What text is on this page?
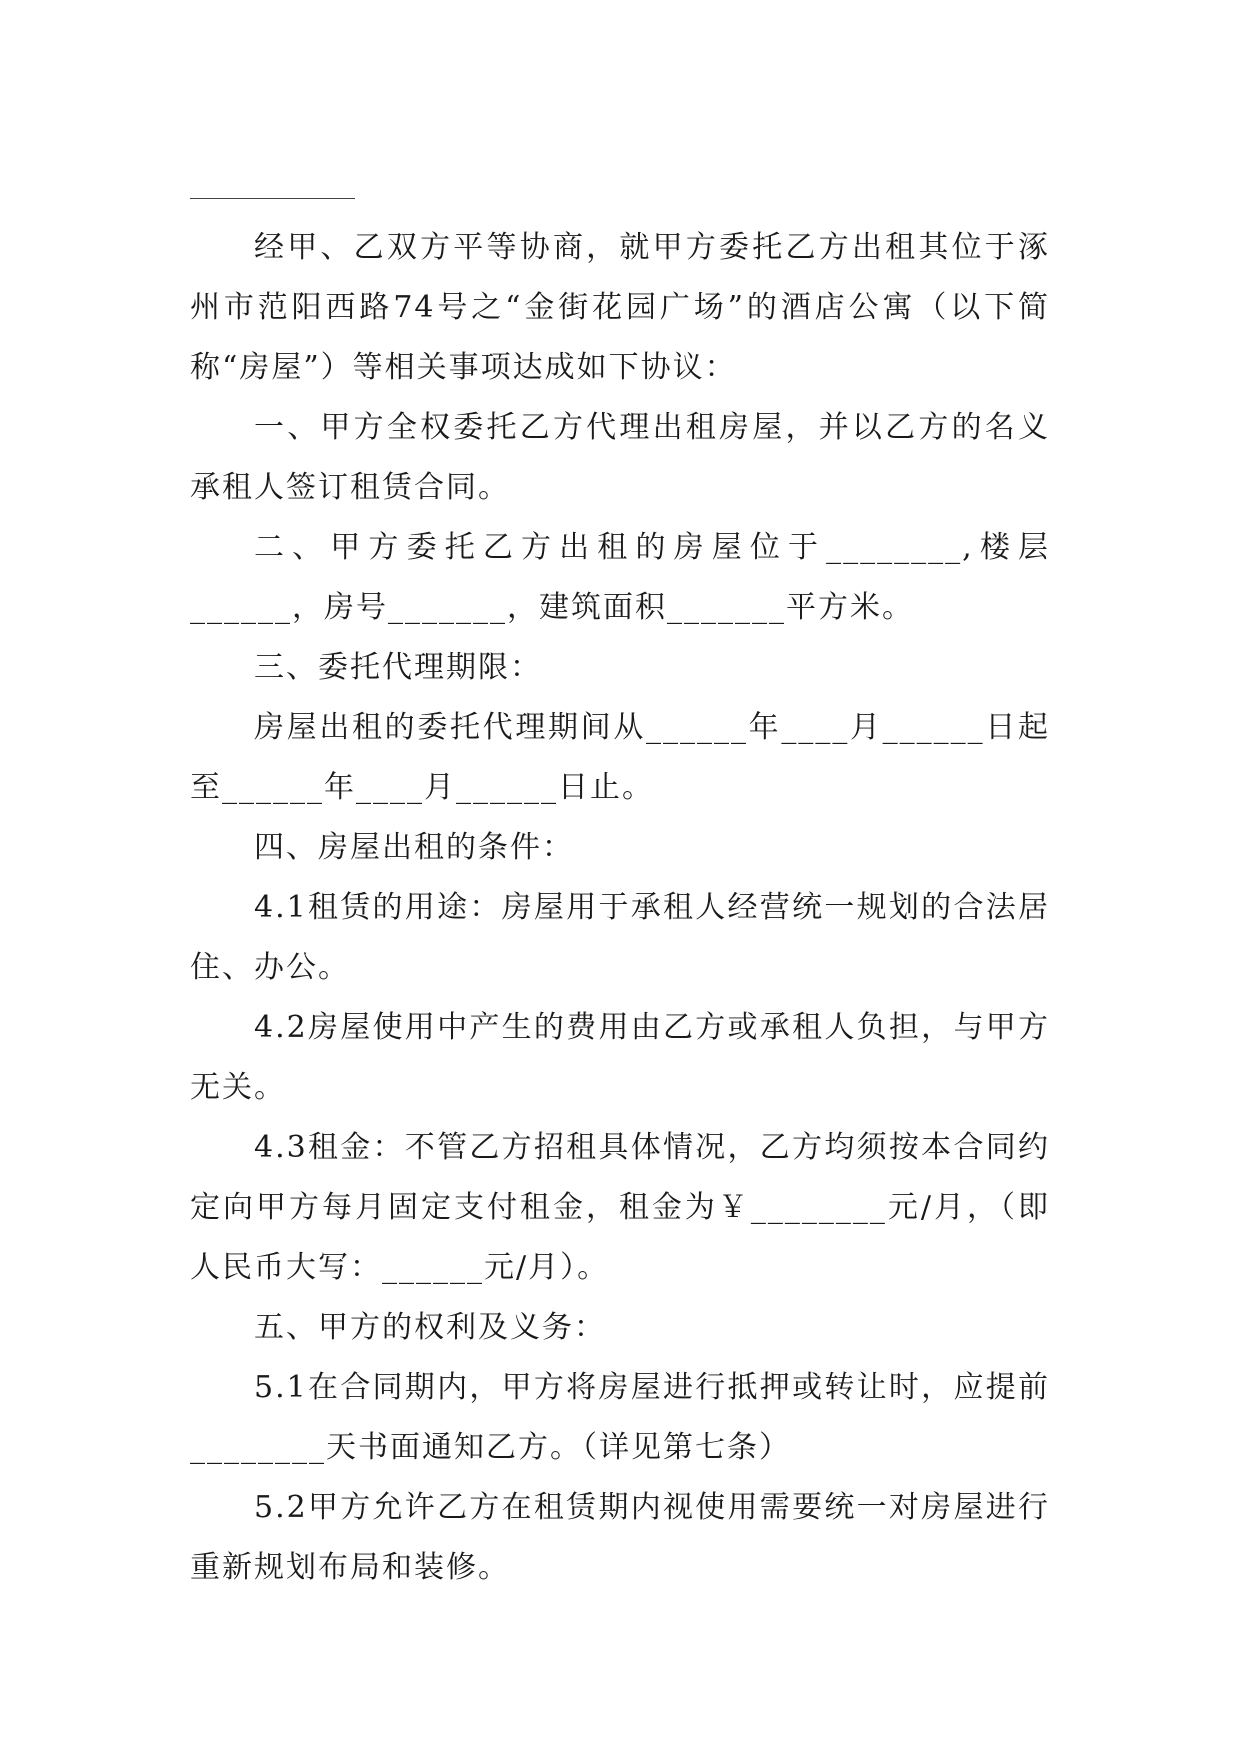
经甲、乙双方平等协商，就甲方委托乙方出租其位于涿州市范阳西路74号之“金街花园广场”的酒店公寓（以下简称“房屋”）等相关事项达成如下协议：

一、甲方全权委托乙方代理出租房屋，并以乙方的名义承租人签订租赁合同。

二、甲方委托乙方出租的房屋位于________,楼层______，房号_______，建筑面积_______平方米。

三、委托代理期限：

房屋出租的委托代理期间从______年____月______日起至______年____月______日止。

四、房屋出租的条件：

4.1租赁的用途：房屋用于承租人经营统一规划的合法居住、办公。

4.2房屋使用中产生的费用由乙方或承租人负担，与甲方无关。

4.3租金：不管乙方招租具体情况，乙方均须按本合同约定向甲方每月固定支付租金，租金为￥________元/月，（即人民币大写：______元/月）。

五、甲方的权利及义务：

5.1在合同期内，甲方将房屋进行抵押或转让时，应提前________天书面通知乙方。（详见第七条）

5.2甲方允许乙方在租赁期内视使用需要统一对房屋进行重新规划布局和装修。
